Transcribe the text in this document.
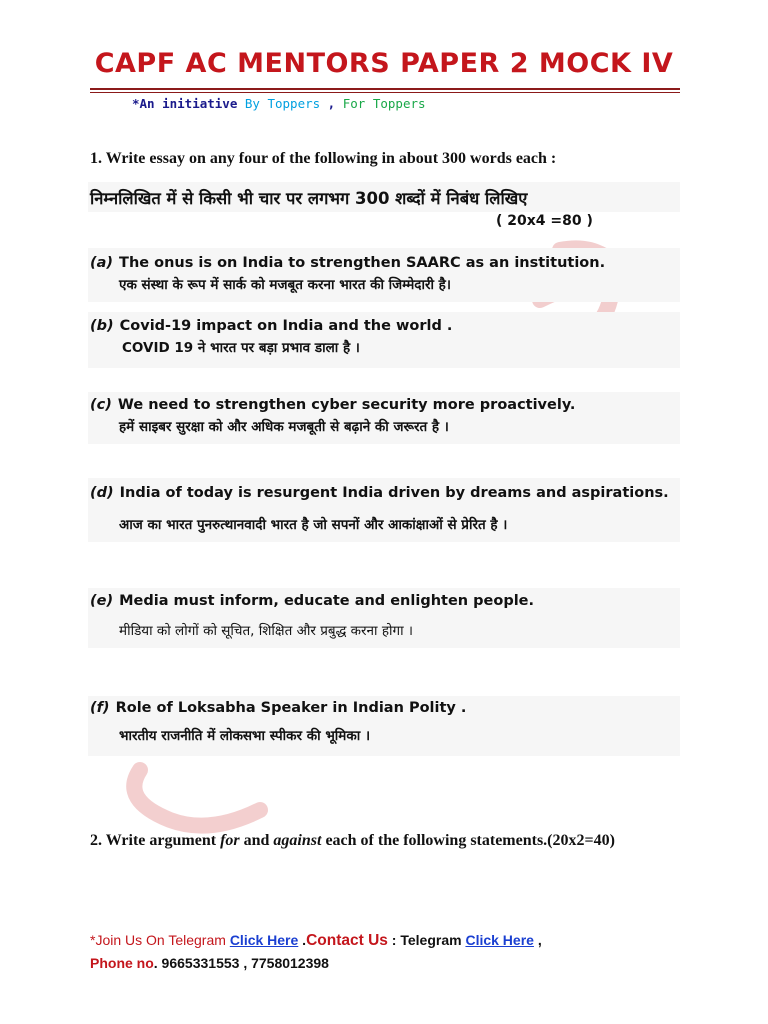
CAPF AC MENTORS PAPER 2 MOCK IV
*An initiative By Toppers , For Toppers
1. Write essay on any four of the following in about 300 words each :
निम्नलिखित में से किसी भी चार पर लगभग 300 शब्दों में निबंध लिखिए
( 20x4 =80 )
(a) The onus is on India to strengthen SAARC as an institution.
एक संस्था के रूप में सार्क को मजबूत करना भारत की जिम्मेदारी है।
(b) Covid-19 impact on India and the world .
COVID 19 ने भारत पर बड़ा प्रभाव डाला है ।
(c) We need to strengthen cyber security more proactively.
हमें साइबर सुरक्षा को और अधिक मजबूती से बढ़ाने की जरूरत है ।
(d) India of today is resurgent India driven by dreams and aspirations.
आज का भारत पुनरुत्थानवादी भारत है जो सपनों और आकांक्षाओं से प्रेरित है ।
(e) Media must inform, educate and enlighten people.
मीडिया को लोगों को सूचित, शिक्षित और प्रबुद्ध करना होगा ।
(f) Role of Loksabha Speaker in Indian Polity .
भारतीय राजनीति में लोकसभा स्पीकर की भूमिका ।
2. Write argument for and against each of the following statements.(20x2=40)
*Join Us On Telegram Click Here .Contact Us : Telegram Click Here ,
Phone no. 9665331553 , 7758012398
